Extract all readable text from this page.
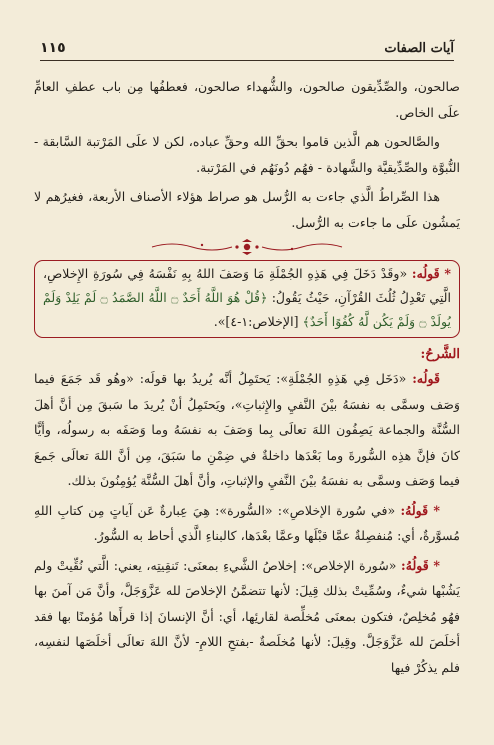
آيات الصفات
١١٥

صالحون، والصِّدِّيقون صالحون، والشُّهداء صالحون، فعطفُها مِن باب عطفِ العامِّ علَى الخاص.

والصَّالحون هم الَّذين قاموا بحقِّ الله وحقِّ عباده، لكن لا علَى المَرْتبة السَّابقة - النُّبوَّة والصِّدِّيقيَّة والشَّهادة - فهُم دُونَهُم في المَرْتبة.

هذا الصِّراطُ الَّذي جاءت به الرُّسل هو صراط هؤلاء الأصناف الأربعة، فغيرُهم لا يَمشُون علَى ما جاءت به الرُّسل.

* قَولُه: «وقَدْ دَخَلَ فِي هَذِهِ الجُمْلَةِ مَا وَصَفَ اللهُ بِهِ نَفْسَهُ فِي سُورَةِ الإِخلاصِ، الَّتِي تَعْدِلُ ثُلُثَ القُرْآنِ، حَيْثُ يَقُولُ: ﴿قُلْ هُوَ اللَّهُ أَحَدٌ ۝ اللَّهُ الصَّمَدُ ۝ لَمْ يَلِدْ وَلَمْ يُولَدْ ۝ وَلَمْ يَكُن لَّهُ كُفُوًا أَحَدٌ﴾ [الإخلاص:١-٤]».

الشَّرحُ:

قَولُه: «دَخَل فِي هَذِهِ الجُمْلَةِ»: يَحتَمِلُ أنَّه يُريدُ بها قولَه: «وهُو قَد جَمَعَ فيما وَصَف وسمَّى به نفسَهُ بيْنَ النَّفيِ والإِثباتِ»، ويَحتَمِلُ أنْ يُريدَ ما سَبقَ مِن أنَّ أهلَ السُّنَّة والجماعة يَصِفُون اللهَ تعالَى بِما وَصَفَ به نفسَهُ وما وَصَفَه به رسولُه، وأيًّا كانَ فإنَّ هذِه السُّورةَ وما بَعْدَها داخلةٌ في ضِمْنِ ما سَبَقَ، مِن أنَّ اللهَ تعالَى جَمعَ فيما وَصَف وسمَّى به نفسَهُ بيْنَ النَّفيِ والإثباتِ، وأنَّ أهلَ السُّنَّة يُؤمِنُونَ بذلك.

* قَولُهُ: «في سُورة الإخلاصِ»: «السُّورة»: هِيَ عِبارةٌ عَن آياتٍ مِن كتابِ اللهِ مُسوَّرةٌ، أي: مُنفصِلةٌ عمَّا قبْلَها وعمَّا بعْدَها، كالبناءِ الَّذي أحاط به السُّورُ.

* قَولُهُ: «سُورة الإخلاص»: إخلاصُ الشَّيءِ بمعنَى: تَنقِيتِه، يعني: الَّتي نُقِّيتْ ولم يَشُبْها شيءٌ، وسُمِّيتْ بذلك قِيلَ: لأنها تتضمَّنُ الإخلاصَ لله عَزَّوَجَلَّ، وأنَّ مَن آمنَ بها فهُو مُخلِصٌ، فتكون بمعنَى مُخلِّصة لقارئِها، أي: أنَّ الإنسانَ إذا قرأَها مُؤمنًا بها فقد أخلَصَ لله عَزَّوَجَلَّ. وقِيلَ: لأنها مُخلَصةٌ -بفتحِ اللامِ- لأنَّ اللهَ تعالَى أخلَصَها لنفسِه، فلم يذكُرْ فيها
